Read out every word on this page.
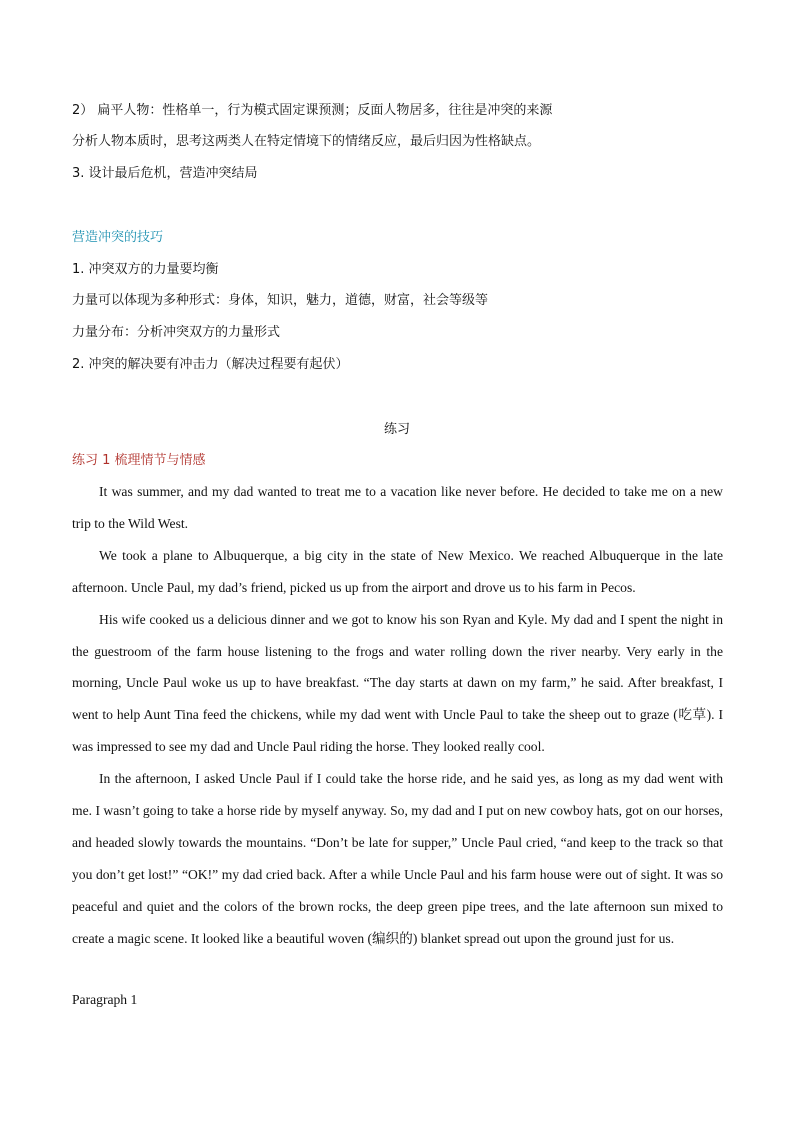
2） 扁平人物：性格单一，行为模式固定课预测；反面人物居多，往往是冲突的来源
分析人物本质时，思考这两类人在特定情境下的情绪反应，最后归因为性格缺点。
3. 设计最后危机，营造冲突结局
营造冲突的技巧
1. 冲突双方的力量要均衡
力量可以体现为多种形式：身体，知识，魅力，道德，财富，社会等级等
力量分布：分析冲突双方的力量形式
2. 冲突的解决要有冲击力（解决过程要有起伏）
练习
练习 1 梳理情节与情感

It was summer, and my dad wanted to treat me to a vacation like never before. He decided to take me on a new trip to the Wild West.

We took a plane to Albuquerque, a big city in the state of New Mexico. We reached Albuquerque in the late afternoon. Uncle Paul, my dad’s friend, picked us up from the airport and drove us to his farm in Pecos.

His wife cooked us a delicious dinner and we got to know his son Ryan and Kyle. My dad and I spent the night in the guestroom of the farm house listening to the frogs and water rolling down the river nearby. Very early in the morning, Uncle Paul woke us up to have breakfast. “The day starts at dawn on my farm,” he said. After breakfast, I went to help Aunt Tina feed the chickens, while my dad went with Uncle Paul to take the sheep out to graze (吃草). I was impressed to see my dad and Uncle Paul riding the horse. They looked really cool.

In the afternoon, I asked Uncle Paul if I could take the horse ride, and he said yes, as long as my dad went with me. I wasn’t going to take a horse ride by myself anyway. So, my dad and I put on new cowboy hats, got on our horses, and headed slowly towards the mountains. “Don’t be late for supper,” Uncle Paul cried, “and keep to the track so that you don’t get lost!” “OK!” my dad cried back. After a while Uncle Paul and his farm house were out of sight. It was so peaceful and quiet and the colors of the brown rocks, the deep green pipe trees, and the late afternoon sun mixed to create a magic scene. It looked like a beautiful woven (编织的) blanket spread out upon the ground just for us.

Paragraph 1
